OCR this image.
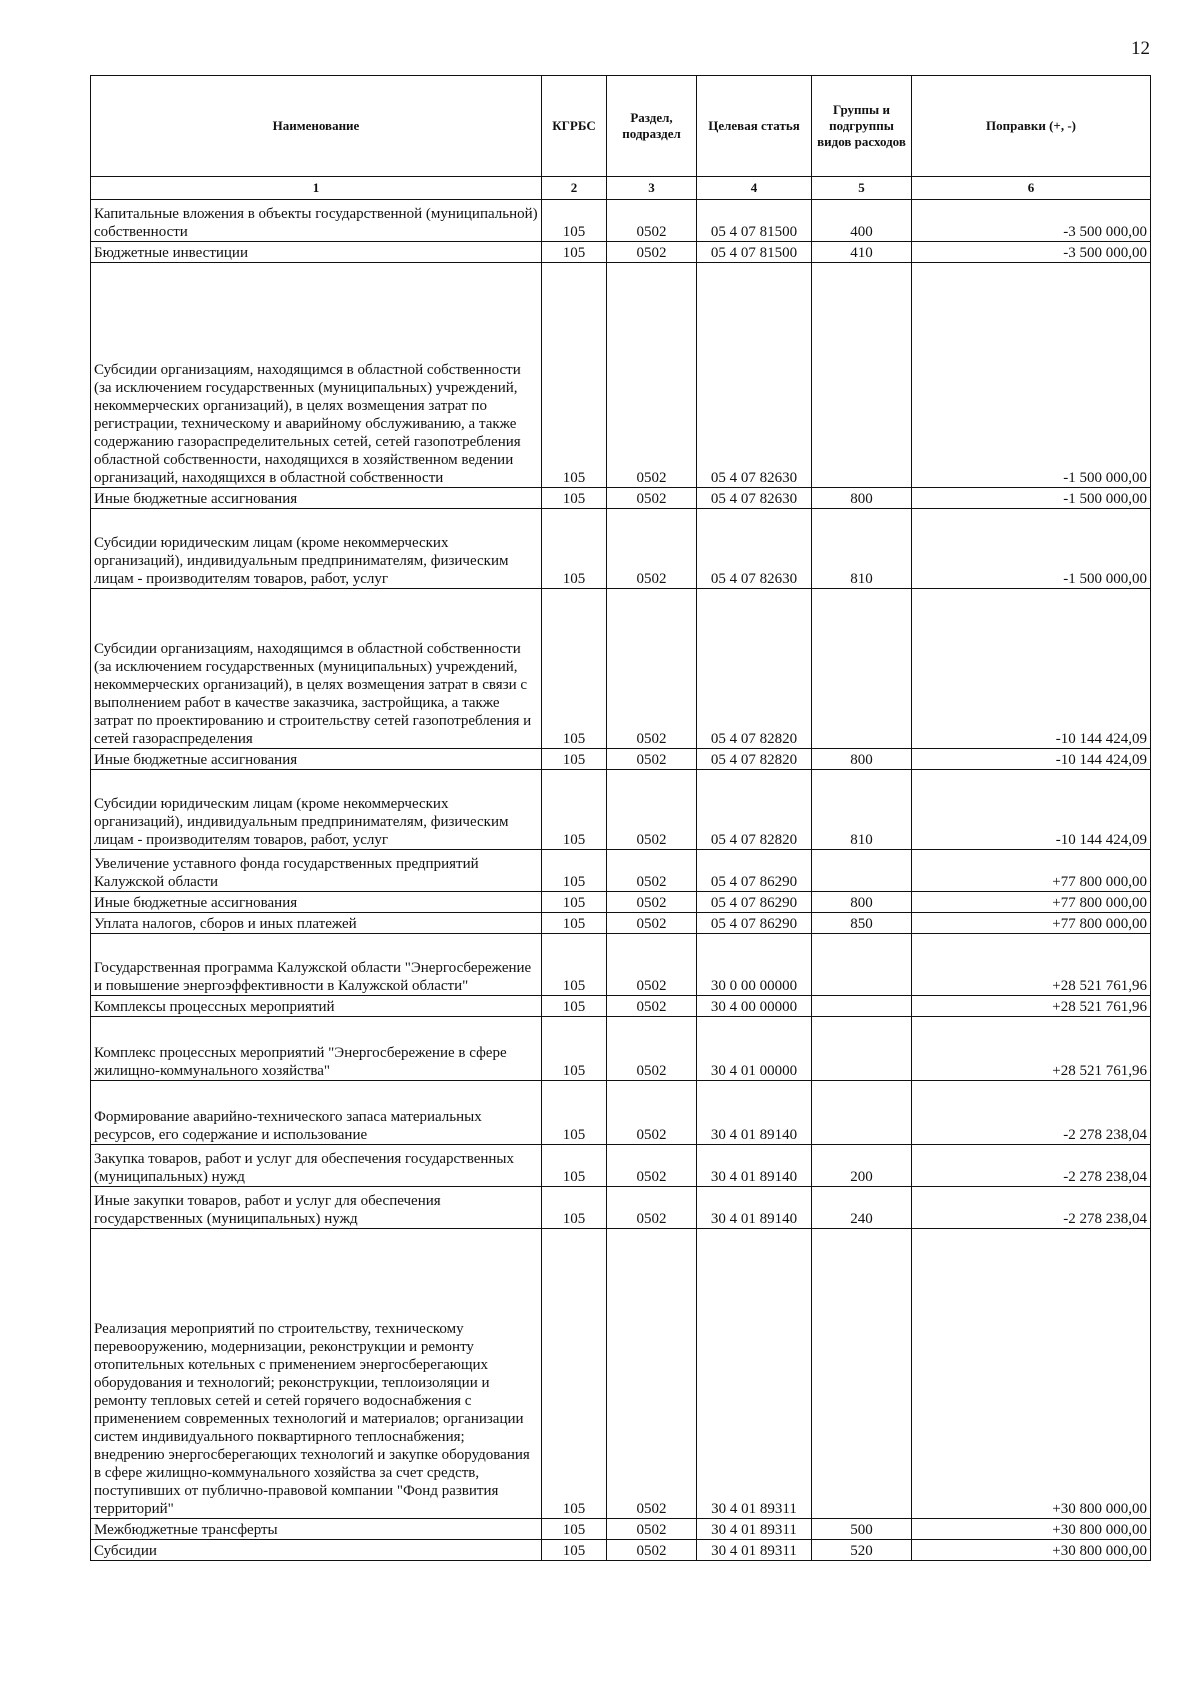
12
Наименование	КГРБС	Раздел, подраздел	Целевая статья	Группы и подгруппы видов расходов	Поправки (+, -)
1	2	3	4	5	6
Капитальные вложения в объекты государственной (муниципальной) собственности	105	0502	05 4 07 81500	400	-3 500 000,00
Бюджетные инвестиции	105	0502	05 4 07 81500	410	-3 500 000,00
Субсидии организациям, находящимся в областной собственности (за исключением государственных (муниципальных) учреждений, некоммерческих организаций), в целях возмещения затрат по регистрации, техническому и аварийному обслуживанию, а также содержанию газораспределительных сетей, сетей газопотребления областной собственности, находящихся в хозяйственном ведении организаций, находящихся в областной собственности	105	0502	05 4 07 82630		-1 500 000,00
Иные бюджетные ассигнования	105	0502	05 4 07 82630	800	-1 500 000,00
Субсидии юридическим лицам (кроме некоммерческих организаций), индивидуальным предпринимателям, физическим лицам - производителям товаров, работ, услуг	105	0502	05 4 07 82630	810	-1 500 000,00
Субсидии организациям, находящимся в областной собственности (за исключением государственных (муниципальных) учреждений, некоммерческих организаций), в целях возмещения затрат в связи с выполнением работ в качестве заказчика, застройщика, а также затрат по проектированию и строительству сетей газопотребления и сетей газораспределения	105	0502	05 4 07 82820		-10 144 424,09
Иные бюджетные ассигнования	105	0502	05 4 07 82820	800	-10 144 424,09
Субсидии юридическим лицам (кроме некоммерческих организаций), индивидуальным предпринимателям, физическим лицам - производителям товаров, работ, услуг	105	0502	05 4 07 82820	810	-10 144 424,09
Увеличение уставного фонда государственных предприятий Калужской области	105	0502	05 4 07 86290		+77 800 000,00
Иные бюджетные ассигнования	105	0502	05 4 07 86290	800	+77 800 000,00
Уплата налогов, сборов и иных платежей	105	0502	05 4 07 86290	850	+77 800 000,00
Государственная программа Калужской области "Энергосбережение и повышение энергоэффективности в Калужской области"	105	0502	30 0 00 00000		+28 521 761,96
Комплексы процессных мероприятий	105	0502	30 4 00 00000		+28 521 761,96
Комплекс процессных мероприятий "Энергосбережение в сфере жилищно-коммунального хозяйства"	105	0502	30 4 01 00000		+28 521 761,96
Формирование аварийно-технического запаса материальных ресурсов, его содержание и использование	105	0502	30 4 01 89140		-2 278 238,04
Закупка товаров, работ и услуг для обеспечения государственных (муниципальных) нужд	105	0502	30 4 01 89140	200	-2 278 238,04
Иные закупки товаров, работ и услуг для обеспечения государственных (муниципальных) нужд	105	0502	30 4 01 89140	240	-2 278 238,04
Реализация мероприятий по строительству, техническому перевооружению, модернизации, реконструкции и ремонту отопительных котельных с применением энергосберегающих оборудования и технологий; реконструкции, теплоизоляции и ремонту тепловых сетей и сетей горячего водоснабжения с применением современных технологий и материалов; организации систем индивидуального поквартирного теплоснабжения; внедрению энергосберегающих технологий и закупке оборудования в сфере жилищно-коммунального хозяйства за счет средств, поступивших от публично-правовой компании "Фонд развития территорий"	105	0502	30 4 01 89311		+30 800 000,00
Межбюджетные трансферты	105	0502	30 4 01 89311	500	+30 800 000,00
Субсидии	105	0502	30 4 01 89311	520	+30 800 000,00
